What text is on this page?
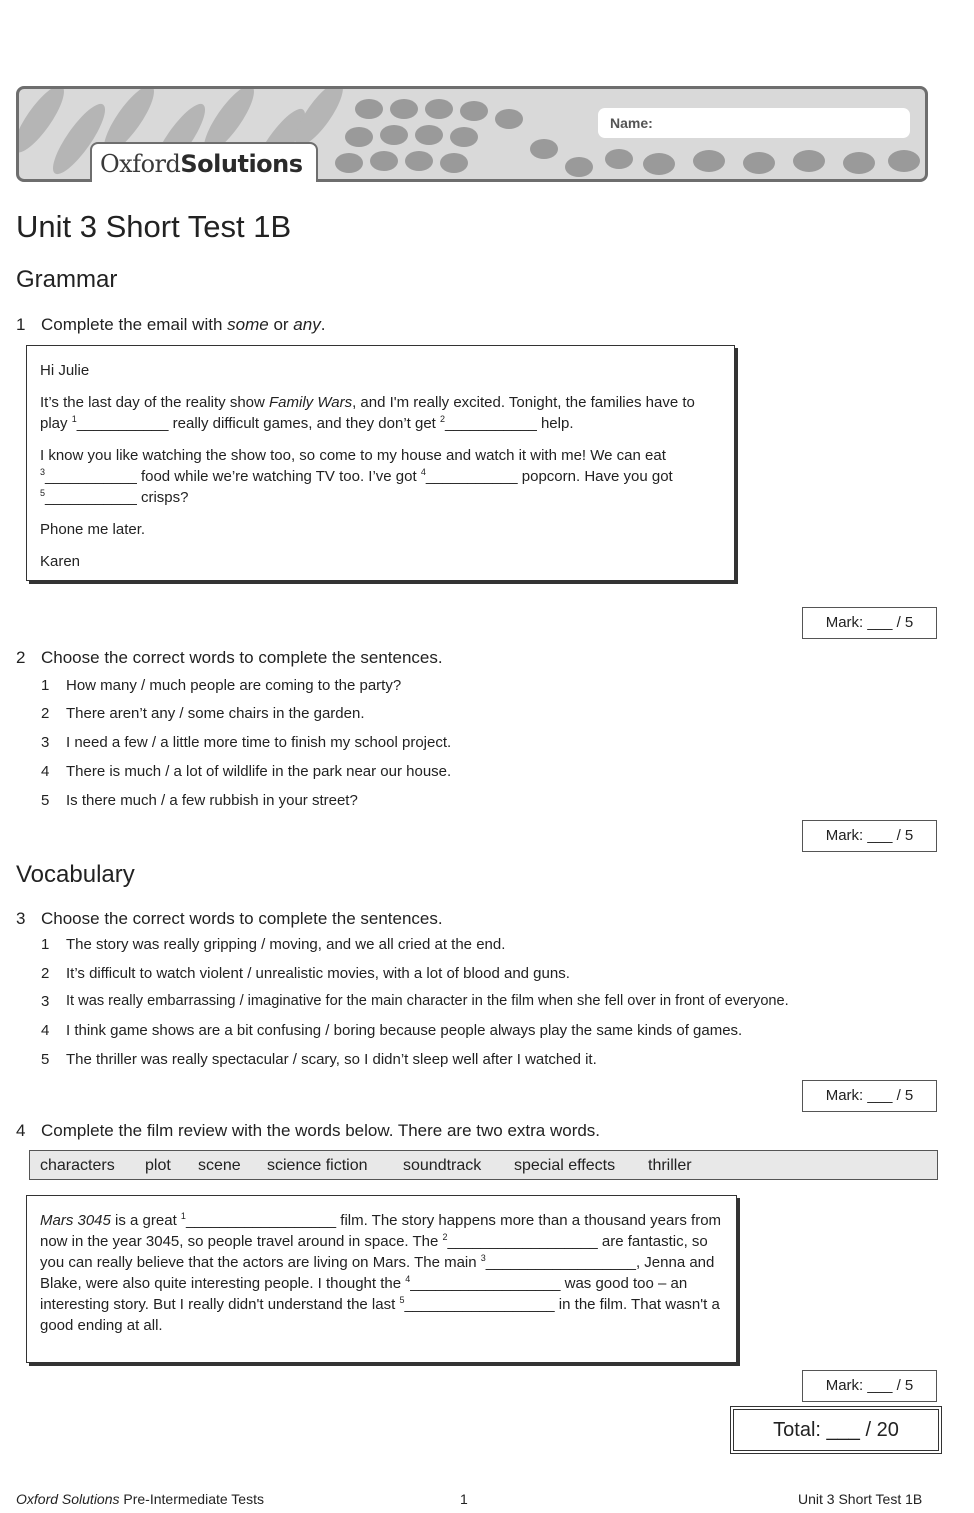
Name:
OxfordSolutions
Unit 3 Short Test 1B
Grammar
1 Complete the email with some or any.

Hi Julie

It’s the last day of the reality show Family Wars, and I'm really excited. Tonight, the families have to play $^1$___________ really difficult games, and they don’t get $^2$___________ help.

I know you like watching the show too, so come to my house and watch it with me! We can eat $^3$___________ food while we’re watching TV too. I’ve got $^4$___________ popcorn. Have you got $^5$___________ crisps?

Phone me later.

Karen

Mark: ___ / 5
2 Choose the correct words to complete the sentences.
1 How many / much people are coming to the party?
2 There aren’t any / some chairs in the garden.
3 I need a few / a little more time to finish my school project.
4 There is much / a lot of wildlife in the park near our house.
5 Is there much / a few rubbish in your street?
Mark: ___ / 5
Vocabulary
3 Choose the correct words to complete the sentences.
1 The story was really gripping / moving, and we all cried at the end.
2 It’s difficult to watch violent / unrealistic movies, with a lot of blood and guns.
3 It was really embarrassing / imaginative for the main character in the film when she fell over in front of everyone.
4 I think game shows are a bit confusing / boring because people always play the same kinds of games.
5 The thriller was really spectacular / scary, so I didn’t sleep well after I watched it.
Mark: ___ / 5
4 Complete the film review with the words below. There are two extra words.
characters plot scene science fiction soundtrack special effects thriller
Mars 3045 is a great $^1$__________________ film. The story happens more than a thousand years from now in the year 3045, so people travel around in space. The $^2$__________________ are fantastic, so you can really believe that the actors are living on Mars. The main $^3$__________________, Jenna and Blake, were also quite interesting people. I thought the $^4$__________________ was good too – an interesting story. But I really didn't understand the last $^5$__________________ in the film. That wasn't a good ending at all.
Mark: ___ / 5
Total: ___ / 20
Oxford Solutions Pre-Intermediate Tests	1	Unit 3 Short Test 1B
